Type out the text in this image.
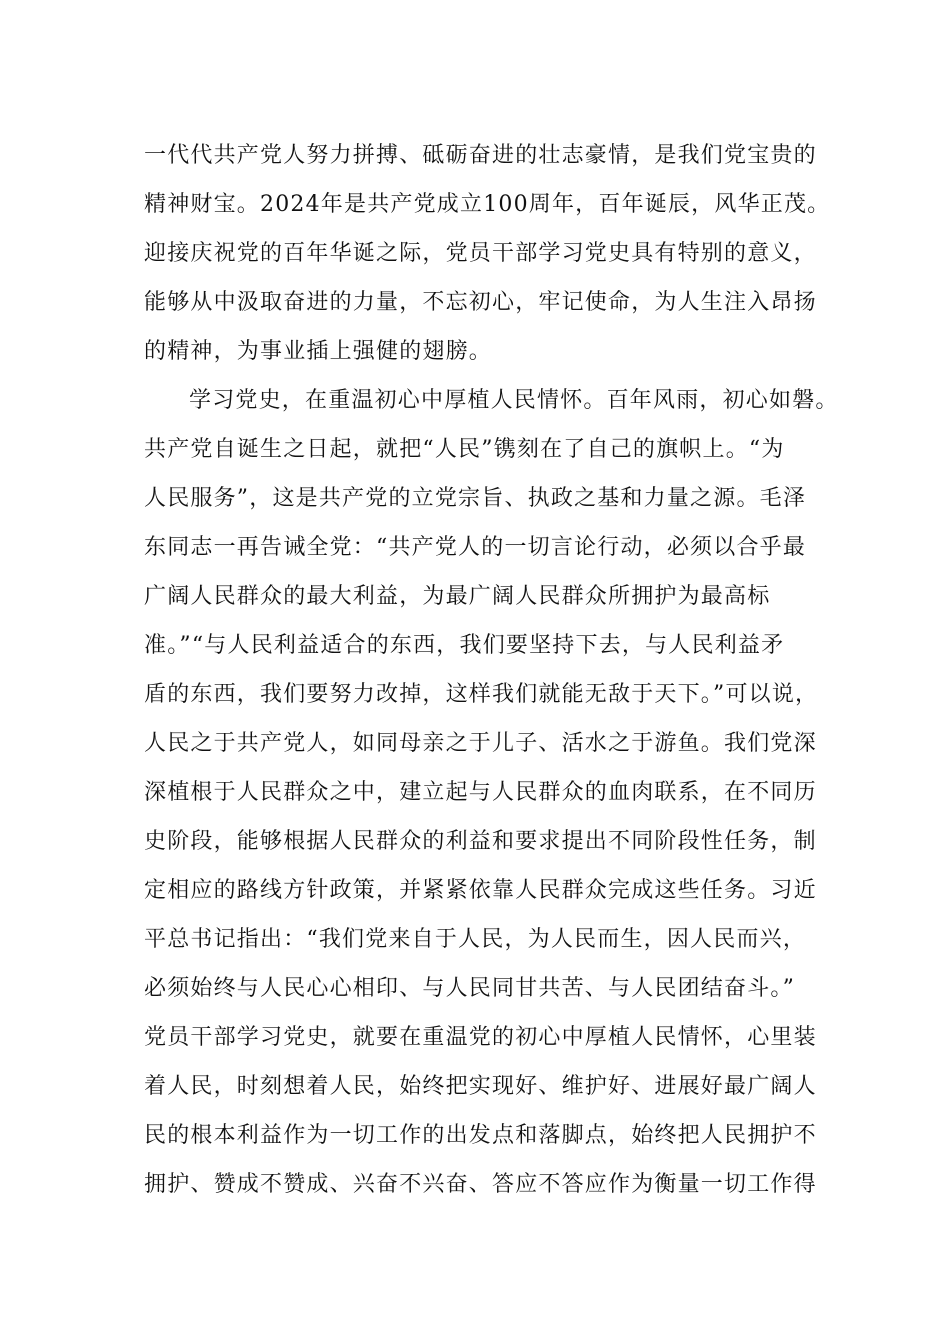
一代代共产党人努力拼搏、砥砺奋进的壮志豪情，是我们党宝贵的
精神财宝。2024年是共产党成立100周年，百年诞辰，风华正茂。
迎接庆祝党的百年华诞之际，党员干部学习党史具有特别的意义，
能够从中汲取奋进的力量，不忘初心，牢记使命，为人生注入昂扬
的精神，为事业插上强健的翅膀。
学习党史，在重温初心中厚植人民情怀。百年风雨，初心如磐。
共产党自诞生之日起，就把“人民”镌刻在了自己的旗帜上。“为
人民服务”，这是共产党的立党宗旨、执政之基和力量之源。毛泽
东同志一再告诫全党：“共产党人的一切言论行动，必须以合乎最
广阔人民群众的最大利益，为最广阔人民群众所拥护为最高标
准。”“与人民利益适合的东西，我们要坚持下去，与人民利益矛
盾的东西，我们要努力改掉，这样我们就能无敌于天下。”可以说，
人民之于共产党人，如同母亲之于儿子、活水之于游鱼。我们党深
深植根于人民群众之中，建立起与人民群众的血肉联系，在不同历
史阶段，能够根据人民群众的利益和要求提出不同阶段性任务，制
定相应的路线方针政策，并紧紧依靠人民群众完成这些任务。习近
平总书记指出：“我们党来自于人民，为人民而生，因人民而兴，
必须始终与人民心心相印、与人民同甘共苦、与人民团结奋斗。”
党员干部学习党史，就要在重温党的初心中厚植人民情怀，心里装
着人民，时刻想着人民，始终把实现好、维护好、进展好最广阔人
民的根本利益作为一切工作的出发点和落脚点，始终把人民拥护不
拥护、赞成不赞成、兴奋不兴奋、答应不答应作为衡量一切工作得
